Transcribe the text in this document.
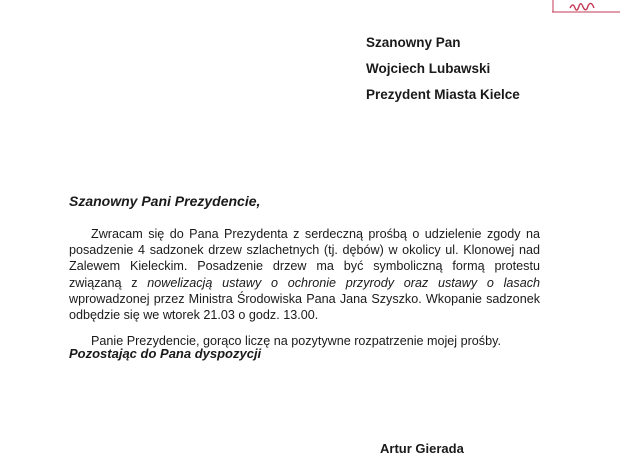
Szanowny Pan
Wojciech Lubawski
Prezydent Miasta Kielce
Szanowny Pani Prezydencie,

Zwracam się do Pana Prezydenta z serdeczną prośbą o udzielenie zgody na posadzenie 4 sadzonek drzew szlachetnych (tj. dębów) w okolicy ul. Klonowej nad Zalewem Kieleckim. Posadzenie drzew ma być symboliczną formą protestu związaną z nowelizacją ustawy o ochronie przyrody oraz ustawy o lasach wprowadzonej przez Ministra Środowiska Pana Jana Szyszko. Wkopanie sadzonek odbędzie się we wtorek 21.03 o godz. 13.00.

Panie Prezydencie, gorąco liczę na pozytywne rozpatrzenie mojej prośby.

Pozostając do Pana dyspozycji
Artur Gierada
